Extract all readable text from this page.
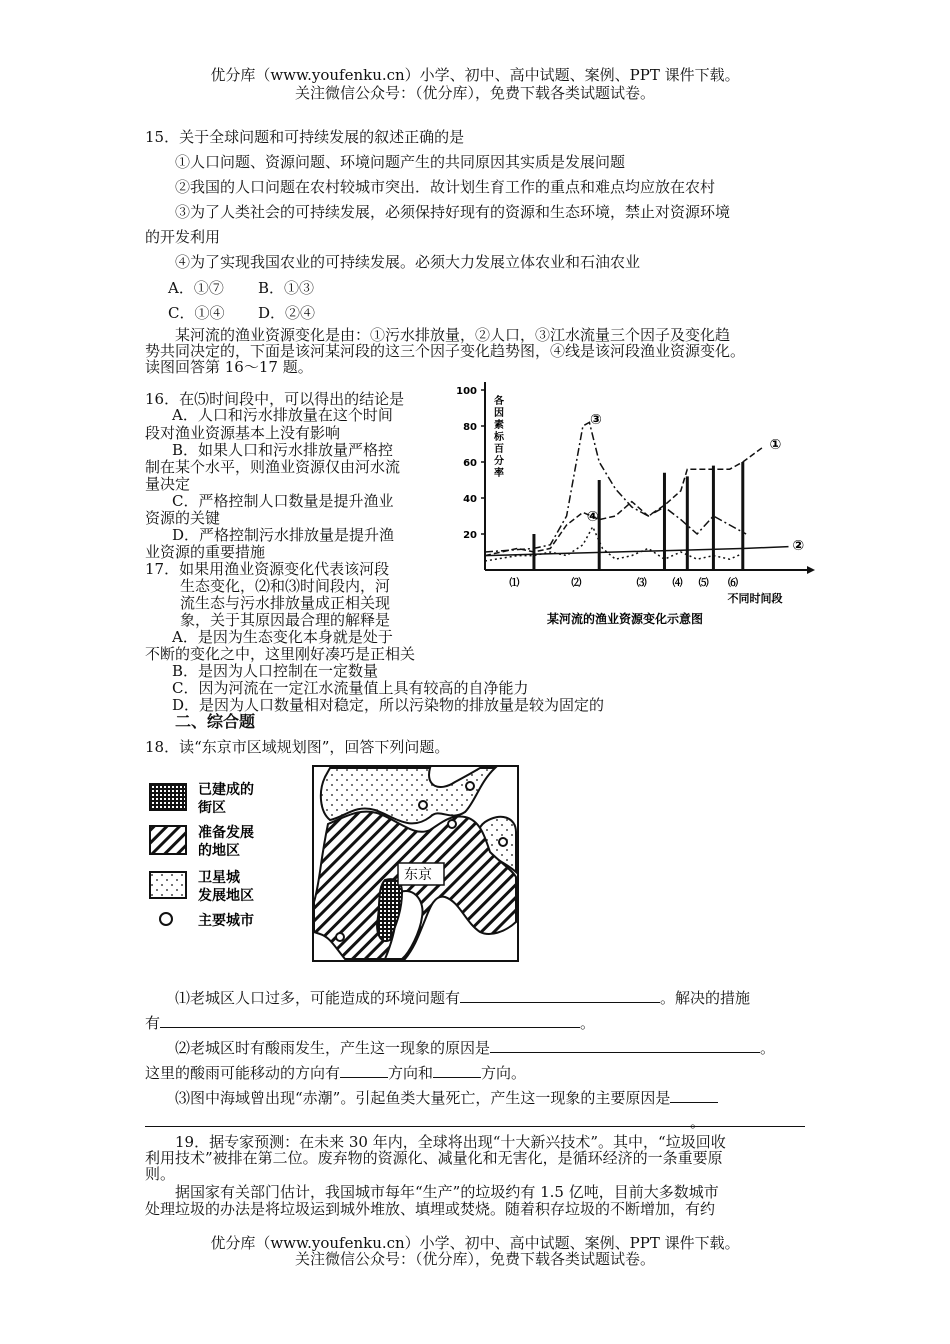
优分库（www.youfenku.cn）小学、初中、高中试题、案例、PPT 课件下载。
关注微信公众号：（优分库），免费下载各类试题试卷。
15．关于全球问题和可持续发展的叙述正确的是
①人口问题、资源问题、环境问题产生的共同原因其实质是发展问题
②我国的人口问题在农村较城市突出．故计划生育工作的重点和难点均应放在农村
③为了人类社会的可持续发展，必须保持好现有的资源和生态环境，禁止对资源环境
的开发利用
④为了实现我国农业的可持续发展。必须大力发展立体农业和石油农业
A．①⑦ B．①③
C．①④ D．②④
某河流的渔业资源变化是由：①污水排放量，②人口，③江水流量三个因子及变化趋
势共同决定的，下面是该河某河段的这三个因子变化趋势图，④线是该河段渔业资源变化。
读图回答第 16～17 题。
16．在⑸时间段中，可以得出的结论是
A．人口和污水排放量在这个时间
段对渔业资源基本上没有影响
B．如果人口和污水排放量严格控
制在某个水平，则渔业资源仅由河水流
量决定
C．严格控制人口数量是提升渔业
资源的关键
D．严格控制污水排放量是提升渔
业资源的重要措施
17．如果用渔业资源变化代表该河段
生态变化，⑵和⑶时间段内，河
流生态与污水排放量成正相关现
象，关于其原因最合理的解释是
A．是因为生态变化本身就是处于
不断的变化之中，这里刚好凑巧是正相关
B．是因为人口控制在一定数量
C．因为河流在一定江水流量值上具有较高的自净能力
D．是因为人口数量相对稳定，所以污染物的排放量是较为固定的
20
40
60
80
100
各
因
素
标
百
分
率
①
②
③
④
⑴	⑵	⑶	⑷ ⑸ ⑹
不同时间段
某河流的渔业资源变化示意图
二、综合题
18．读“东京市区域规划图”，回答下列问题。
已建成的
街区
准备发展
的地区
卫星城
发展地区
主要城市
东京
⑴老城区人口过多，可能造成的环境问题有	。解决的措施
有	。
⑵老城区时有酸雨发生，产生这一现象的原因是	。
这里的酸雨可能移动的方向有	方向和	方向。
⑶图中海域曾出现“赤潮”。引起鱼类大量死亡，产生这一现象的主要原因是
。
19．据专家预测：在未来 30 年内，全球将出现“十大新兴技术”。其中，“垃圾回收
利用技术”被排在第二位。废弃物的资源化、减量化和无害化，是循环经济的一条重要原
则。
据国家有关部门估计，我国城市每年“生产”的垃圾约有 1.5 亿吨，目前大多数城市
处理垃圾的办法是将垃圾运到城外堆放、填埋或焚烧。随着积存垃圾的不断增加，有约
优分库（www.youfenku.cn）小学、初中、高中试题、案例、PPT 课件下载。
关注微信公众号：（优分库），免费下载各类试题试卷。
